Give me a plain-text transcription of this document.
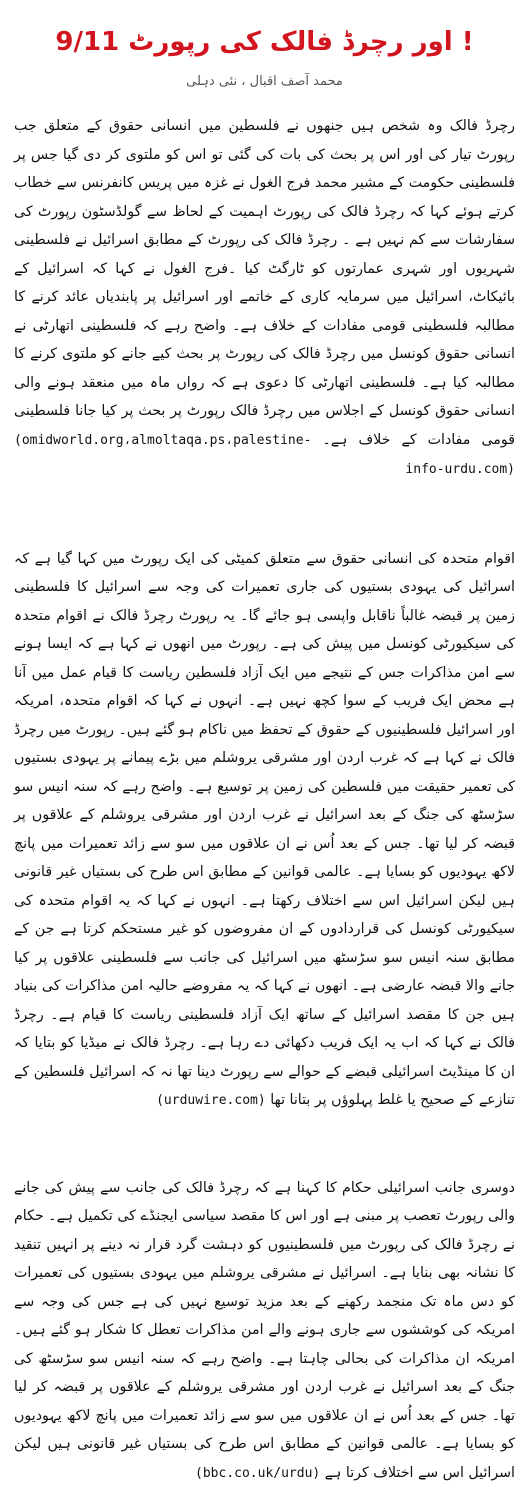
9/11 اور رچرڈ فالک کی رپورٹ !
محمد آصف اقبال ، نئی دہلی

رچرڈ فالک وہ شخص ہیں جنھوں نے فلسطین میں انسانی حقوق کے متعلق جب رپورٹ تیار کی اور اس پر بحث کی بات کی گئی تو اس کو ملتوی کر دی گیا جس پر فلسطینی حکومت کے مشیر محمد فرج الغول نے غزہ میں پریس کانفرنس سے خطاب کرتے ہوئے کہا کہ رچرڈ فالک کی رپورٹ اہمیت کے لحاظ سے گولڈسٹون رپورٹ کی سفارشات سے کم نہیں ہے ۔ رچرڈ فالک کی رپورٹ کے مطابق اسرائیل نے فلسطینی شہریوں اور شہری عمارتوں کو ٹارگٹ کیا ۔فرج الغول نے کہا کہ اسرائیل کے بائیکاٹ، اسرائیل میں سرمایہ کاری کے خاتمے اور اسرائیل پر پابندیاں عائد کرنے کا مطالبہ فلسطینی قومی مفادات کے خلاف ہے۔ واضح رہے کہ فلسطینی اتھارٹی نے انسانی حقوق کونسل میں رچرڈ فالک کی رپورٹ پر بحث کیے جانے کو ملتوی کرنے کا مطالبہ کیا ہے۔ فلسطینی اتھارٹی کا دعوی ہے کہ رواں ماہ میں منعقد ہونے والی انسانی حقوق کونسل کے اجلاس میں رچرڈ فالک رپورٹ پر بحث پر کیا جانا فلسطینی قومی مفادات کے خلاف ہے۔ (omidworld.org،almoltaqa.ps،palestine-info-urdu.com)

اقوام متحدہ کی انسانی حقوق سے متعلق کمیٹی کی ایک رپورٹ میں کہا گیا ہے کہ اسرائیل کی یہودی بستیوں کی جاری تعمیرات کی وجہ سے اسرائیل کا فلسطینی زمین پر قبضہ غالباً ناقابل واپسی ہو جائے گا۔ یہ رپورٹ رچرڈ فالک نے اقوام متحدہ کی سیکیورٹی کونسل میں پیش کی ہے۔ رپورٹ میں انھوں نے کہا ہے کہ ایسا ہونے سے امن مذاکرات جس کے نتیجے میں ایک آزاد فلسطین ریاست کا قیام عمل میں آنا ہے محض ایک فریب کے سوا کچھ نہیں ہے۔ انہوں نے کہا کہ اقوام متحدہ، امریکہ اور اسرائیل فلسطینیوں کے حقوق کے تحفظ میں ناکام ہو گئے ہیں۔ رپورٹ میں رچرڈ فالک نے کہا ہے کہ غرب اردن اور مشرقی یروشلم میں بڑے پیمانے پر یہودی بستیوں کی تعمیر حقیقت میں فلسطین کی زمین پر توسیع ہے۔ واضح رہے کہ سنہ انیس سو سڑسٹھ کی جنگ کے بعد اسرائیل نے غرب اردن اور مشرقی یروشلم کے علاقوں پر قبضہ کر لیا تھا۔ جس کے بعد اُس نے ان علاقوں میں سو سے زائد تعمیرات میں پانچ لاکھ یہودیوں کو بسایا ہے۔ عالمی قوانین کے مطابق اس طرح کی بستیاں غیر قانونی ہیں لیکن اسرائیل اس سے اختلاف رکھتا ہے۔ انہوں نے کہا کہ یہ اقوام متحدہ کی سیکیورٹی کونسل کی قراردادوں کے ان مفروضوں کو غیر مستحکم کرتا ہے جن کے مطابق سنہ انیس سو سڑسٹھ میں اسرائیل کی جانب سے فلسطینی علاقوں پر کیا جانے والا قبضہ عارضی ہے۔ انھوں نے کہا کہ یہ مفروضے حالیہ امن مذاکرات کی بنیاد ہیں جن کا مقصد اسرائیل کے ساتھ ایک آزاد فلسطینی ریاست کا قیام ہے۔ رچرڈ فالک نے کہا کہ اب یہ ایک فریب دکھائی دے رہا ہے۔ رچرڈ فالک نے میڈیا کو بتایا کہ ان کا مینڈیٹ اسرائیلی قبضے کے حوالے سے رپورٹ دینا تھا نہ کہ اسرائیل فلسطین کے تنازعے کے صحیح یا غلط پہلوؤں پر بتانا تھا (urduwire.com)

دوسری جانب اسرائیلی حکام کا کہنا ہے کہ رچرڈ فالک کی جانب سے پیش کی جانے والی رپورٹ تعصب پر مبنی ہے اور اس کا مقصد سیاسی ایجنڈے کی تکمیل ہے۔ حکام نے رچرڈ فالک کی رپورٹ میں فلسطینیوں کو دہشت گرد قرار نہ دینے پر انہیں تنقید کا نشانہ بھی بنایا ہے۔ اسرائیل نے مشرقی یروشلم میں یہودی بستیوں کی تعمیرات کو دس ماہ تک منجمد رکھنے کے بعد مزید توسیع نہیں کی ہے جس کی وجہ سے امریکہ کی کوششوں سے جاری ہونے والے امن مذاکرات تعطل کا شکار ہو گئے ہیں۔ امریکہ ان مذاکرات کی بحالی چاہتا ہے۔ واضح رہے کہ سنہ انیس سو سڑسٹھ کی جنگ کے بعد اسرائیل نے غرب اردن اور مشرقی یروشلم کے علاقوں پر قبضہ کر لیا تھا۔ جس کے بعد اُس نے ان علاقوں میں سو سے زائد تعمیرات میں پانچ لاکھ یہودیوں کو بسایا ہے۔ عالمی قوانین کے مطابق اس طرح کی بستیاں غیر قانونی ہیں لیکن اسرائیل اس سے اختلاف کرتا ہے (bbc.co.uk/urdu)
